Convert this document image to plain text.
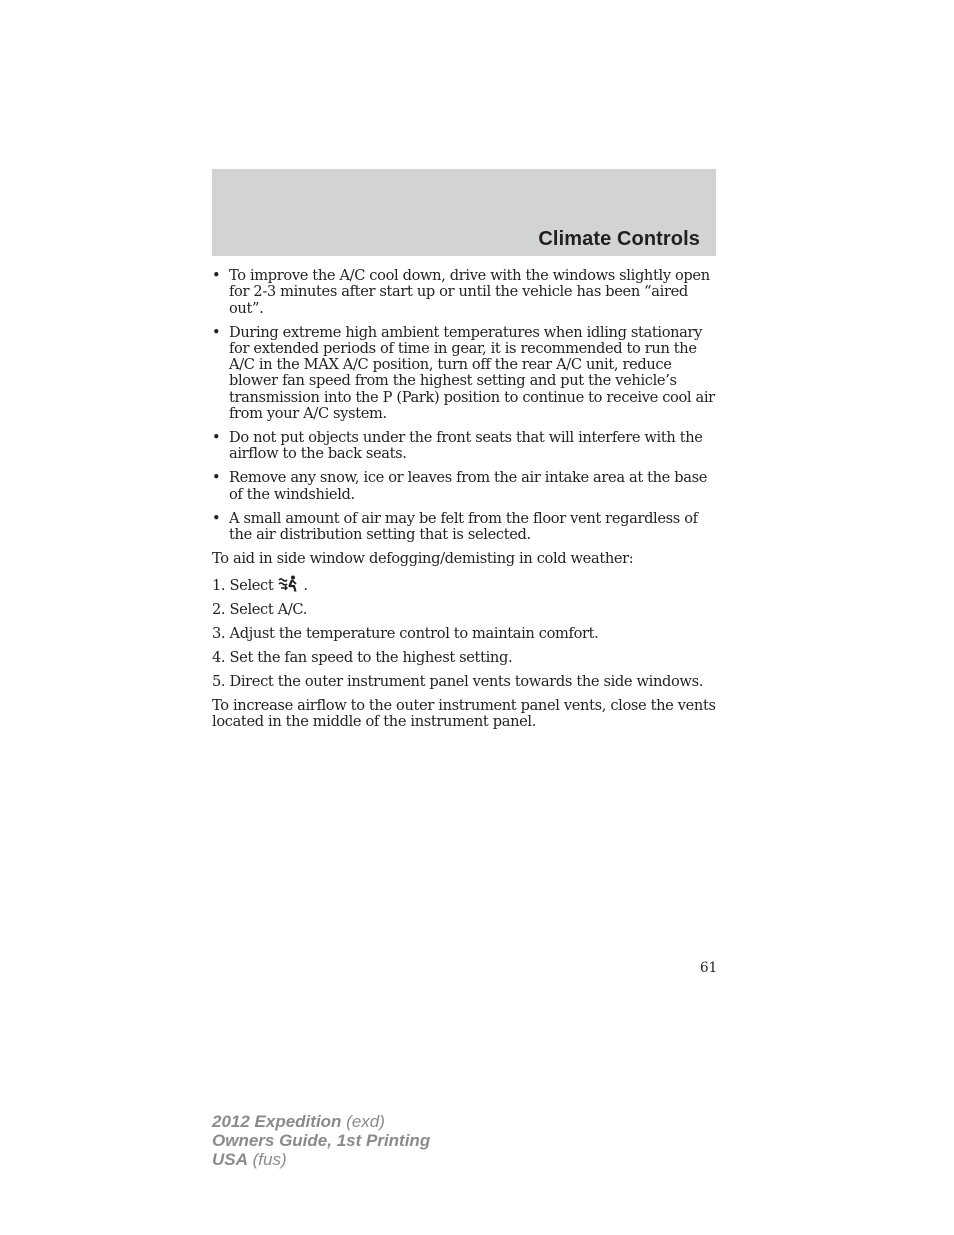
Climate Controls
• To improve the A/C cool down, drive with the windows slightly open for 2-3 minutes after start up or until the vehicle has been “aired out”.
• During extreme high ambient temperatures when idling stationary for extended periods of time in gear, it is recommended to run the A/C in the MAX A/C position, turn off the rear A/C unit, reduce blower fan speed from the highest setting and put the vehicle’s transmission into the P (Park) position to continue to receive cool air from your A/C system.
• Do not put objects under the front seats that will interfere with the airflow to the back seats.
• Remove any snow, ice or leaves from the air intake area at the base of the windshield.
• A small amount of air may be felt from the floor vent regardless of the air distribution setting that is selected.

To aid in side window defogging/demisting in cold weather:

1. Select .
2. Select A/C.
3. Adjust the temperature control to maintain comfort.
4. Set the fan speed to the highest setting.
5. Direct the outer instrument panel vents towards the side windows.

To increase airflow to the outer instrument panel vents, close the vents located in the middle of the instrument panel.

61
2012 Expedition (exd)
Owners Guide, 1st Printing
USA (fus)
